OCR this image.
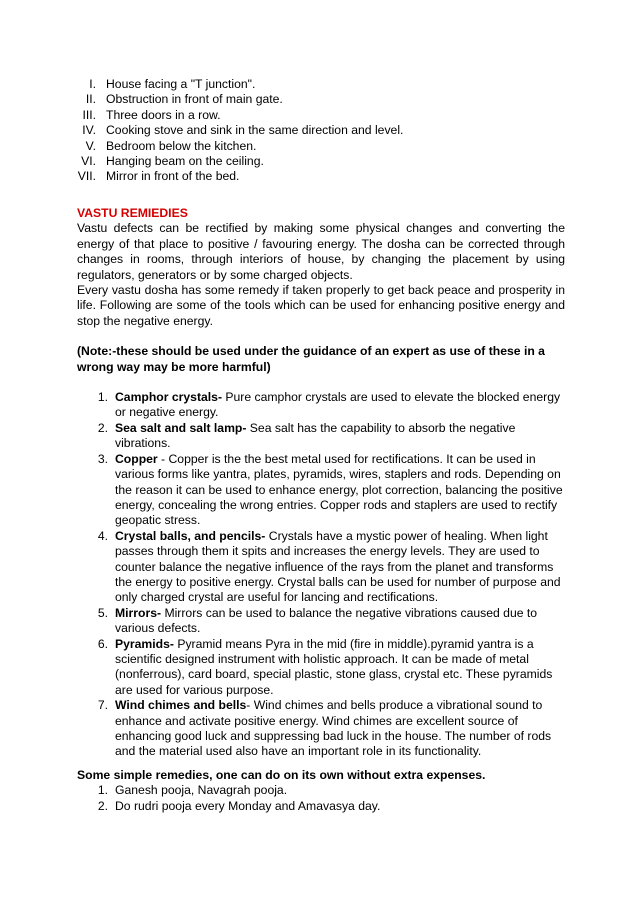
I. House facing a "T junction".
II. Obstruction in front of main gate.
III. Three doors in a row.
IV. Cooking stove and sink in the same direction and level.
V. Bedroom below the kitchen.
VI. Hanging beam on the ceiling.
VII. Mirror in front of the bed.

VASTU REMIEDIES

Vastu defects can be rectified by making some physical changes and converting the energy of that place to positive / favouring energy. The dosha can be corrected through changes in rooms, through interiors of house, by changing the placement by using regulators, generators or by some charged objects.

Every vastu dosha has some remedy if taken properly to get back peace and prosperity in life. Following are some of the tools which can be used for enhancing positive energy and stop the negative energy.

(Note:-these should be used under the guidance of an expert as use of these in a wrong way may be more harmful)

1. Camphor crystals- Pure camphor crystals are used to elevate the blocked energy or negative energy.
2. Sea salt and salt lamp- Sea salt has the capability to absorb the negative vibrations.
3. Copper - Copper is the the best metal used for rectifications. It can be used in various forms like yantra, plates, pyramids, wires, staplers and rods. Depending on the reason it can be used to enhance energy, plot correction, balancing the positive energy, concealing the wrong entries. Copper rods and staplers are used to rectify geopatic stress.
4. Crystal balls, and pencils- Crystals have a mystic power of healing. When light passes through them it spits and increases the energy levels. They are used to counter balance the negative influence of the rays from the planet and transforms the energy to positive energy. Crystal balls can be used for number of purpose and only charged crystal are useful for lancing and rectifications.
5. Mirrors- Mirrors can be used to balance the negative vibrations caused due to various defects.
6. Pyramids- Pyramid means Pyra in the mid (fire in middle).pyramid yantra is a scientific designed instrument with holistic approach. It can be made of metal (nonferrous), card board, special plastic, stone glass, crystal etc. These pyramids are used for various purpose.
7. Wind chimes and bells- Wind chimes and bells produce a vibrational sound to enhance and activate positive energy. Wind chimes are excellent source of enhancing good luck and suppressing bad luck in the house. The number of rods and the material used also have an important role in its functionality.

Some simple remedies, one can do on its own without extra expenses.

1. Ganesh pooja, Navagrah pooja.
2. Do rudri pooja every Monday and Amavasya day.
